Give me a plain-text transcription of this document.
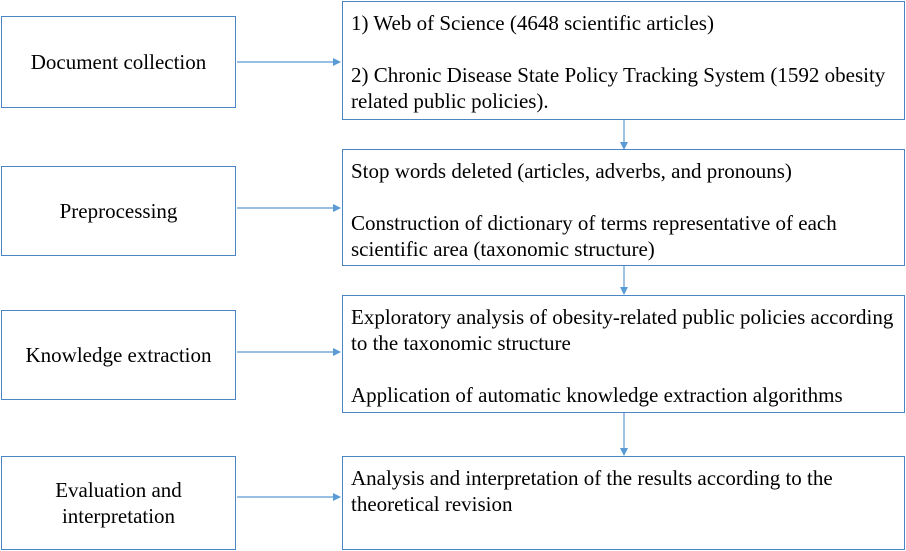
Document collection

1) Web of Science (4648 scientific articles)

2) Chronic Disease State Policy Tracking System (1592 obesity related public policies).

Preprocessing

Stop words deleted (articles, adverbs, and pronouns)

Construction of dictionary of terms representative of each scientific area (taxonomic structure)

Knowledge extraction

Exploratory analysis of obesity-related public policies according to the taxonomic structure

Application of automatic knowledge extraction algorithms

Evaluation and interpretation

Analysis and interpretation of the results according to the theoretical revision
